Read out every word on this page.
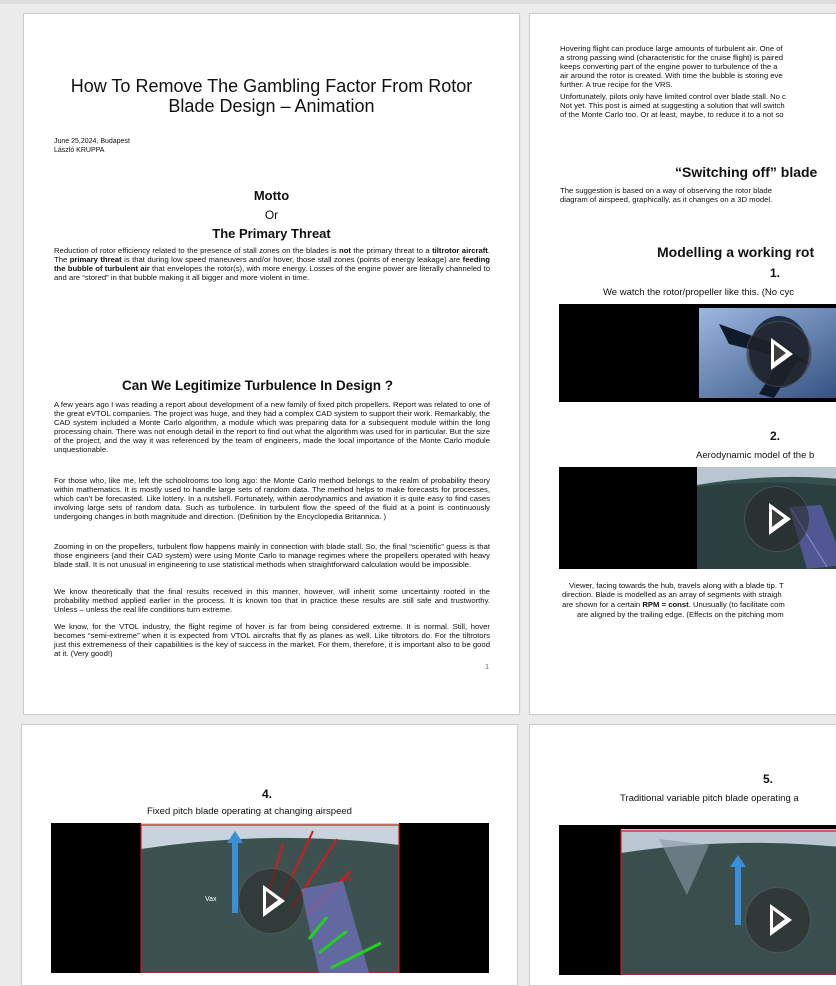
How To Remove The Gambling Factor From Rotor
Blade Design – Animation
June 25,2024, Budapest
László KRUPPA
Motto
Or
The Primary Threat

Reduction of rotor efficiency related to the presence of stall zones on the blades is not the primary threat to a tiltrotor aircraft. The primary threat is that during low speed maneuvers and/or hover, those stall zones (points of energy leakage) are feeding the bubble of turbulent air that envelopes the rotor(s), with more energy. Losses of the engine power are literally channeled to and are “stored” in that bubble making it all bigger and more violent in time.

Can We Legitimize Turbulence In Design ?

A few years ago I was reading a report about development of a new family of fixed pitch propellers. Report was related to one of the great eVTOL companies. The project was huge, and they had a complex CAD system to support their work. Remarkably, the CAD system included a Monte Carlo algorithm, a module which was preparing data for a subsequent module within the long processing chain. There was not enough detail in the report to find out what the algorithm was used for in particular. But the size of the project, and the way it was referenced by the team of engineers, made the local importance of the Monte Carlo module unquestionable.

For those who, like me, left the schoolrooms too long ago: the Monte Carlo method belongs to the realm of probability theory within mathematics. It is mostly used to handle large sets of random data. The method helps to make forecasts for processes, which can’t be forecasted. Like lottery. In a nutshell. Fortunately, within aerodynamics and aviation it is quite easy to find cases involving large sets of random data. Such as turbulence. In turbulent flow the speed of the fluid at a point is continuously undergoing changes in both magnitude and direction. (Definition by the Encyclopedia Britannica. )

Zooming in on the propellers, turbulent flow happens mainly in connection with blade stall. So, the final “scientific” guess is that those engineers (and their CAD system) were using Monte Carlo to manage regimes where the propellers operated with heavy blade stall. It is not unusual in engineering to use statistical methods when straightforward calculation would be impossible.

We know theoretically that the final results received in this manner, however, will inherit some uncertainty rooted in the probability method applied earlier in the process. It is known too that in practice these results are still safe and trustworthy. Unless – unless the real life conditions turn extreme.

We know, for the VTOL industry, the flight regime of hover is far from being considered extreme. It is normal. Still, hover becomes “semi-extreme” when it is expected from VTOL aircrafts that fly as planes as well. Like tiltrotors do. For the tiltrotors just this extremeness of their capabilities is the key of success in the market. For them, therefore, it is important also to be good at it. (Very good!)

1
Hovering flight can produce large amounts of turbulent air. One of
a strong passing wind (characteristic for the cruise flight) is paired
keeps converting part of the engine power to turbulence of the a
air around the rotor is created. With time the bubble is storing eve
further. A true recipe for the VRS.
Unfortunately, pilots only have limited control over blade stall. No c
Not yet. This post is aimed at suggesting a solution that will switch
of the Monte Carlo too. Or at least, maybe, to reduce it to a not so
“Switching off” blade
The suggestion is based on a way of observing the rotor blade
diagram of airspeed, graphically, as it changes on a 3D model.
Modelling a working rot
1.
We watch the rotor/propeller like this. (No cyc
2.
Aerodynamic model of the b
Viewer, facing towards the hub, travels along with a blade tip. T
direction. Blade is modelled as an array of segments with straigh
are shown for a certain RPM = const. Unusually (to facilitate com
are aligned by the trailing edge. (Effects on the pitching mom
4.
Fixed pitch blade operating at changing airspeed
Vax
Vax
5.
Traditional variable pitch blade operating a
